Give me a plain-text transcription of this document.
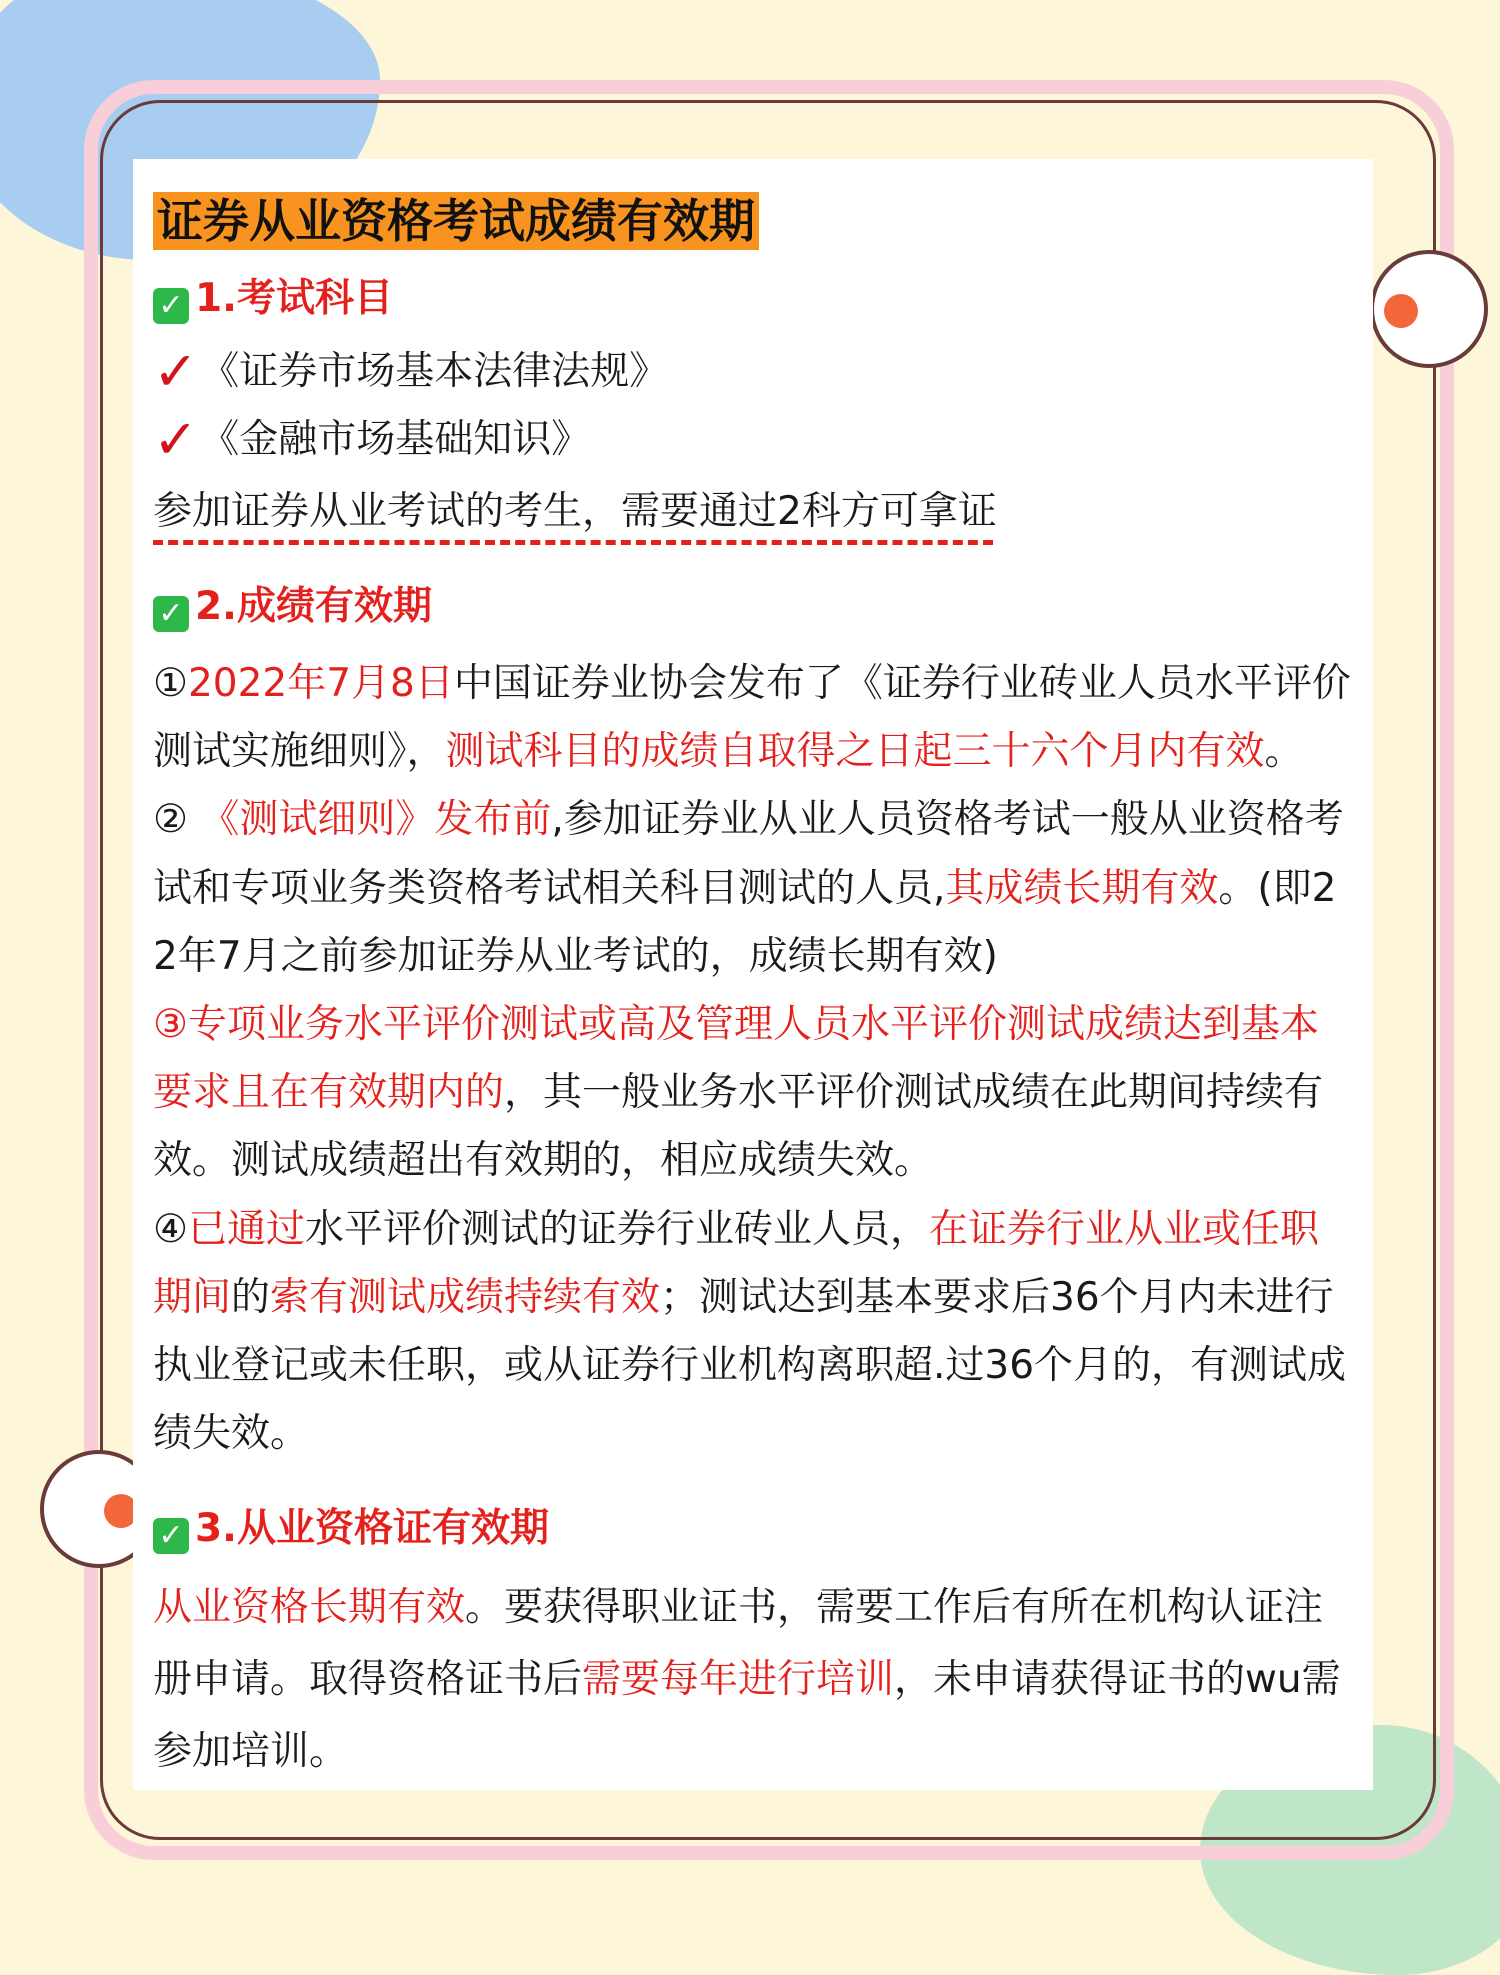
证券从业资格考试成绩有效期
✓ 1.考试科目
✓《证券市场基本法律法规》
✓《金融市场基础知识》
参加证券从业考试的考生，需要通过2科方可拿证
✓ 2.成绩有效期
①2022年7月8日中国证券业协会发布了《证券行业砖业人员水平评价
测试实施细则》，测试科目的成绩自取得之日起三十六个月内有效。
② 《测试细则》发布前,参加证券业从业人员资格考试一般从业资格考
试和专项业务类资格考试相关科目测试的人员,其成绩长期有效。(即2
2年7月之前参加证券从业考试的，成绩长期有效)
③专项业务水平评价测试或高及管理人员水平评价测试成绩达到基本
要求且在有效期内的，其一般业务水平评价测试成绩在此期间持续有
效。测试成绩超出有效期的，相应成绩失效。
④已通过水平评价测试的证券行业砖业人员，在证券行业从业或任职
期间的索有测试成绩持续有效；测试达到基本要求后36个月内未进行
执业登记或未任职，或从证券行业机构离职超.过36个月的，有测试成
绩失效。
✓ 3.从业资格证有效期
从业资格长期有效。要获得职业证书，需要工作后有所在机构认证注
册申请。取得资格证书后需要每年进行培训，未申请获得证书的wu需
参加培训。
